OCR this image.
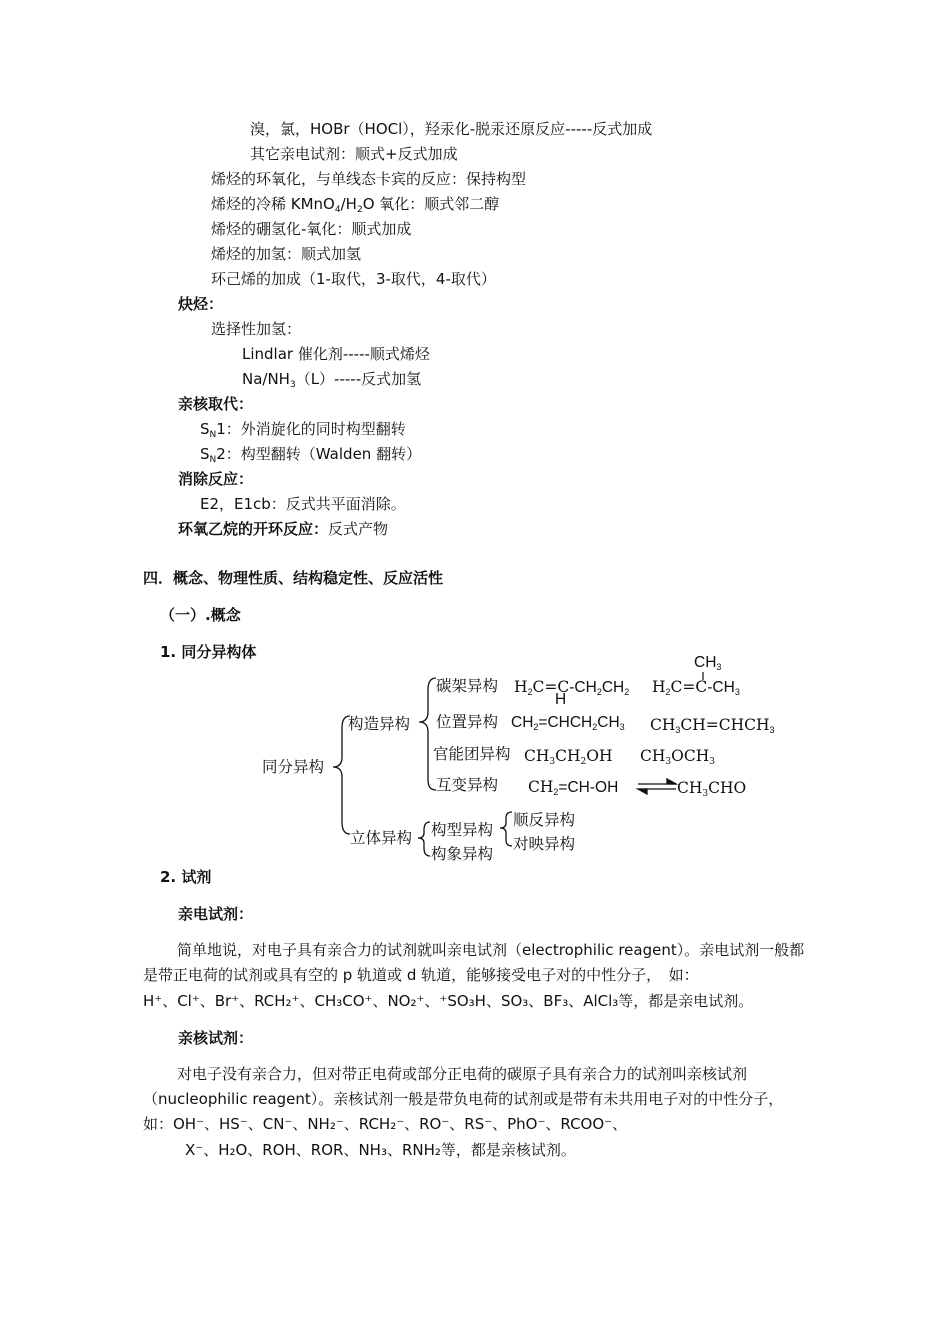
溴，氯，HOBr（HOCl），羟汞化-脱汞还原反应-----反式加成
其它亲电试剂：顺式+反式加成
烯烃的环氧化，与单线态卡宾的反应：保持构型
烯烃的冷稀 $KMnO_4/H_2O$ 氧化：顺式邻二醇
烯烃的硼氢化-氧化：顺式加成
烯烃的加氢：顺式加氢
环己烯的加成（1-取代，3-取代，4-取代）
炔烃：
选择性加氢：
Lindlar 催化剂-----顺式烯烃
$Na/NH_3(L)-----$反式加氢
亲核取代：
$S_N1$：外消旋化的同时构型翻转
$S_N2$：构型翻转（Walden 翻转）
消除反应：
E2，E1cb：反式共平面消除。
环氧乙烷的开环反应：反式产物
四．概念、物理性质、结构稳定性、反应活性
（一）.概念
1. 同分异构体
同分异构
构造异构
立体异构
碳架异构
位置异构
官能团异构
互变异构
构型异构
构象异构
顺反异构
对映异构
$H_2C=C-CH_2CH_2$
H
$H_2C=C-CH_3$
$CH_3$
$CH_2=CHCH_2CH_3$ $CH_3CH=CHCH_3$
$CH_3CH_2OH$ $CH_3OCH_3$
$CH_2=CH-OH$	$CH_3CHO$
2. 试剂
亲电试剂：
简单地说，对电子具有亲合力的试剂就叫亲电试剂（electrophilic reagent）。亲电试剂一般都是带正电荷的试剂或具有空的 p 轨道或 d 轨道，能够接受电子对的中性分子，　如：
H⁺、Cl⁺、Br⁺、RCH₂⁺、CH₃CO⁺、NO₂⁺、⁺SO₃H、SO₃、BF₃、AlCl₃等，都是亲电试剂。
亲核试剂：
对电子没有亲合力，但对带正电荷或部分正电荷的碳原子具有亲合力的试剂叫亲核试剂（nucleophilic reagent）。亲核试剂一般是带负电荷的试剂或是带有未共用电子对的中性分子，如：OH⁻、HS⁻、CN⁻、NH₂⁻、RCH₂⁻、RO⁻、RS⁻、PhO⁻、RCOO⁻、
X⁻、H₂O、ROH、ROR、NH₃、RNH₂等，都是亲核试剂。
